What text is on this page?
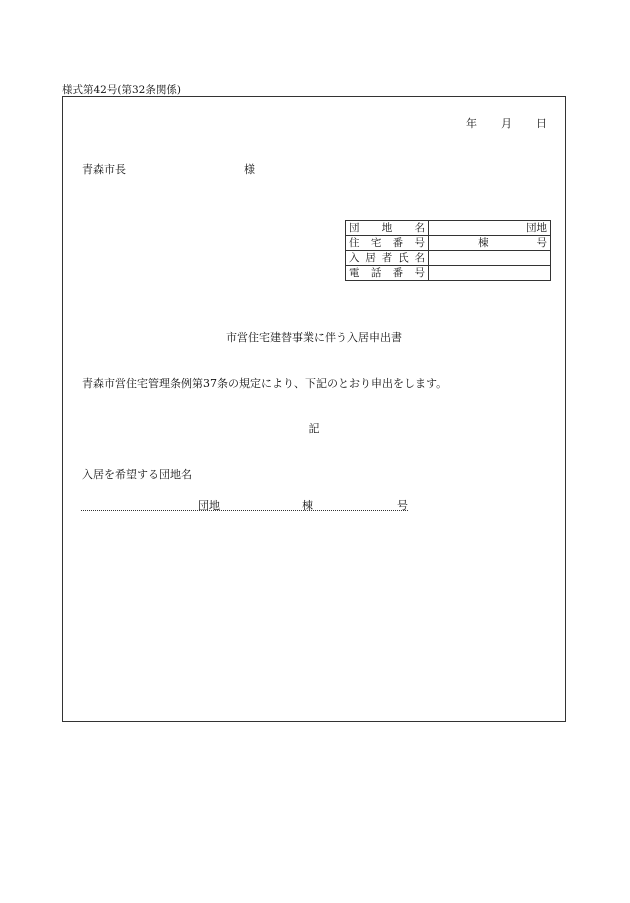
様式第42号(第32条関係)
年 月 日
青森市長	様
団 地 名	団地

住 宅 番 号	棟 号

入 居 者 氏 名	

電 話 番 号	

市営住宅建替事業に伴う入居申出書
青森市営住宅管理条例第37条の規定により、下記のとおり申出をします。
記
入居を希望する団地名
団地	棟	号
